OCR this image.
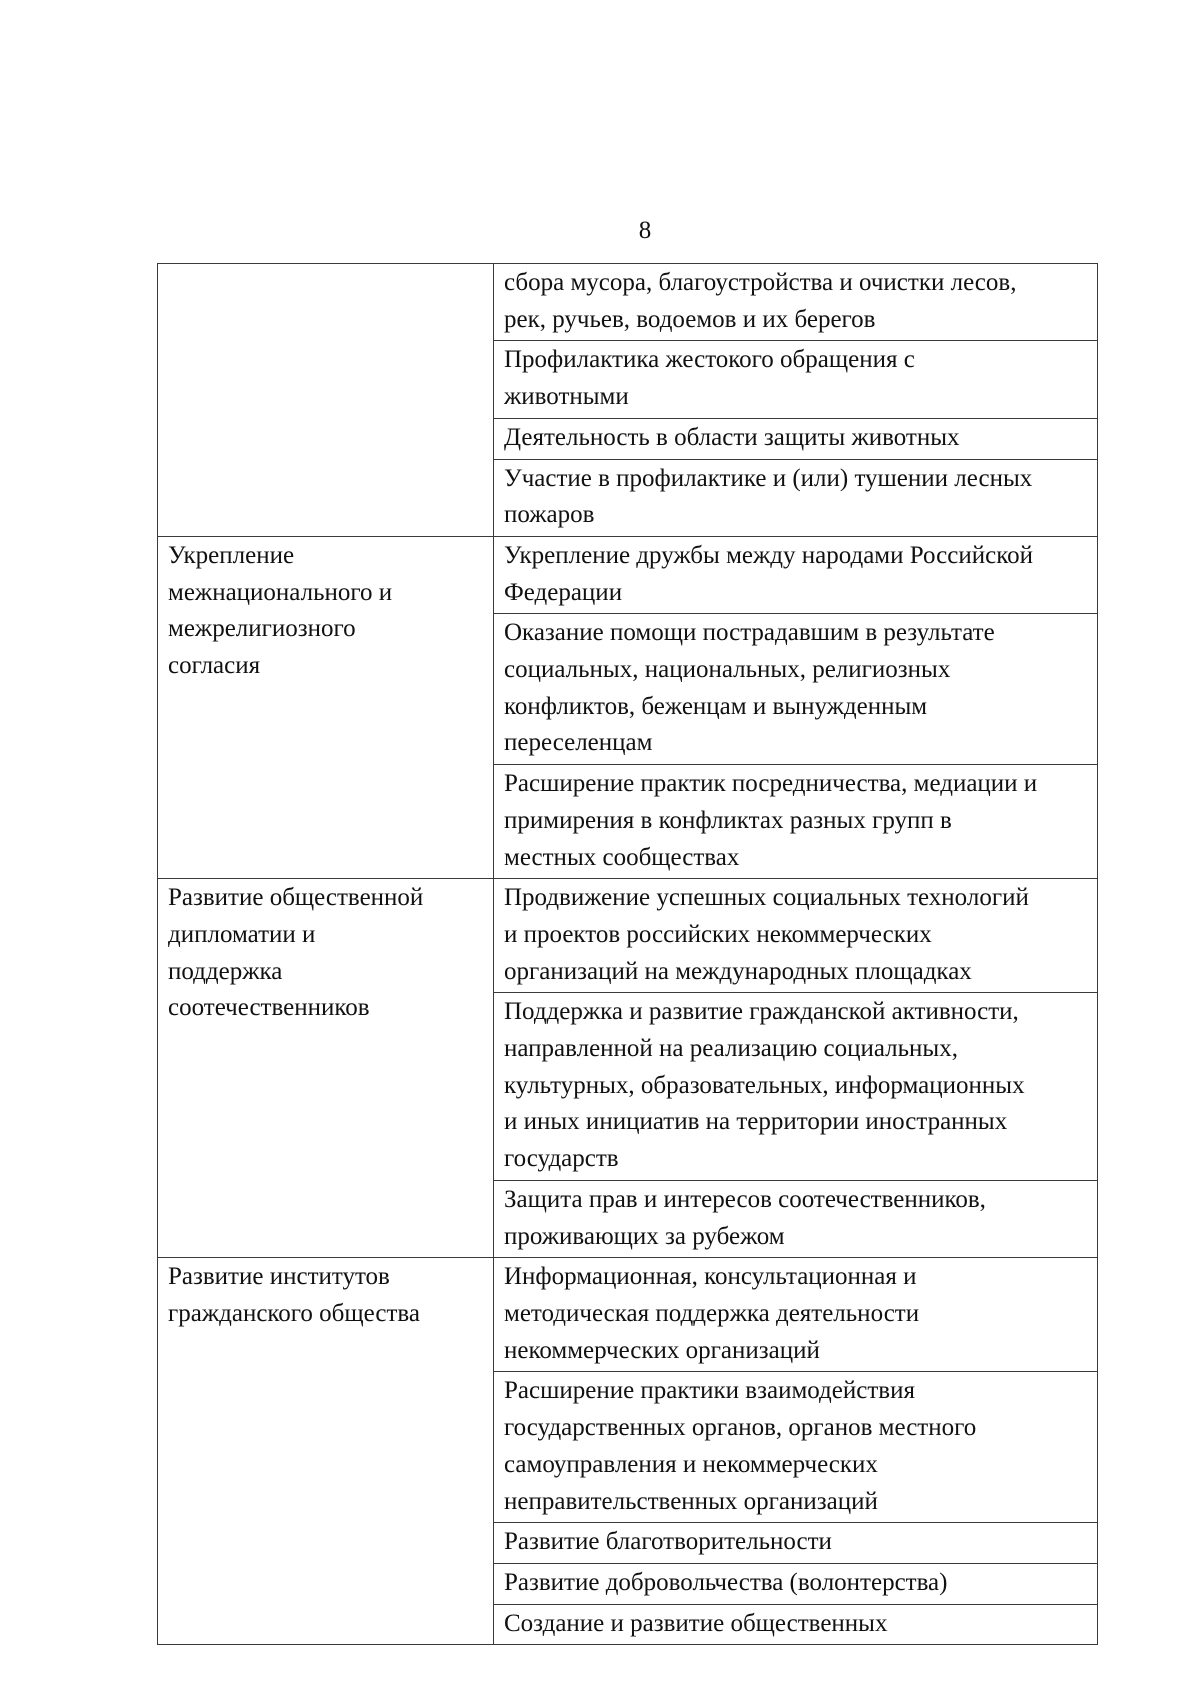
8

	сбора мусора, благоустройства и очистки лесов,
рек, ручьев, водоемов и их берегов

	Профилактика жестокого обращения с
животными

	Деятельность в области защиты животных

	Участие в профилактике и (или) тушении лесных
пожаров

Укрепление
межнационального и
межрелигиозного
согласия	Укрепление дружбы между народами Российской
Федерации

	Оказание помощи пострадавшим в результате
социальных, национальных, религиозных
конфликтов, беженцам и вынужденным
переселенцам

	Расширение практик посредничества, медиации и
примирения в конфликтах разных групп в
местных сообществах

Развитие общественной
дипломатии и
поддержка
соотечественников	Продвижение успешных социальных технологий
и проектов российских некоммерческих
организаций на международных площадках

	Поддержка и развитие гражданской активности,
направленной на реализацию социальных,
культурных, образовательных, информационных
и иных инициатив на территории иностранных
государств

	Защита прав и интересов соотечественников,
проживающих за рубежом

Развитие институтов
гражданского общества	Информационная, консультационная и
методическая поддержка деятельности
некоммерческих организаций

	Расширение практики взаимодействия
государственных органов, органов местного
самоуправления и некоммерческих
неправительственных организаций

	Развитие благотворительности

	Развитие добровольчества (волонтерства)

	Создание и развитие общественных
